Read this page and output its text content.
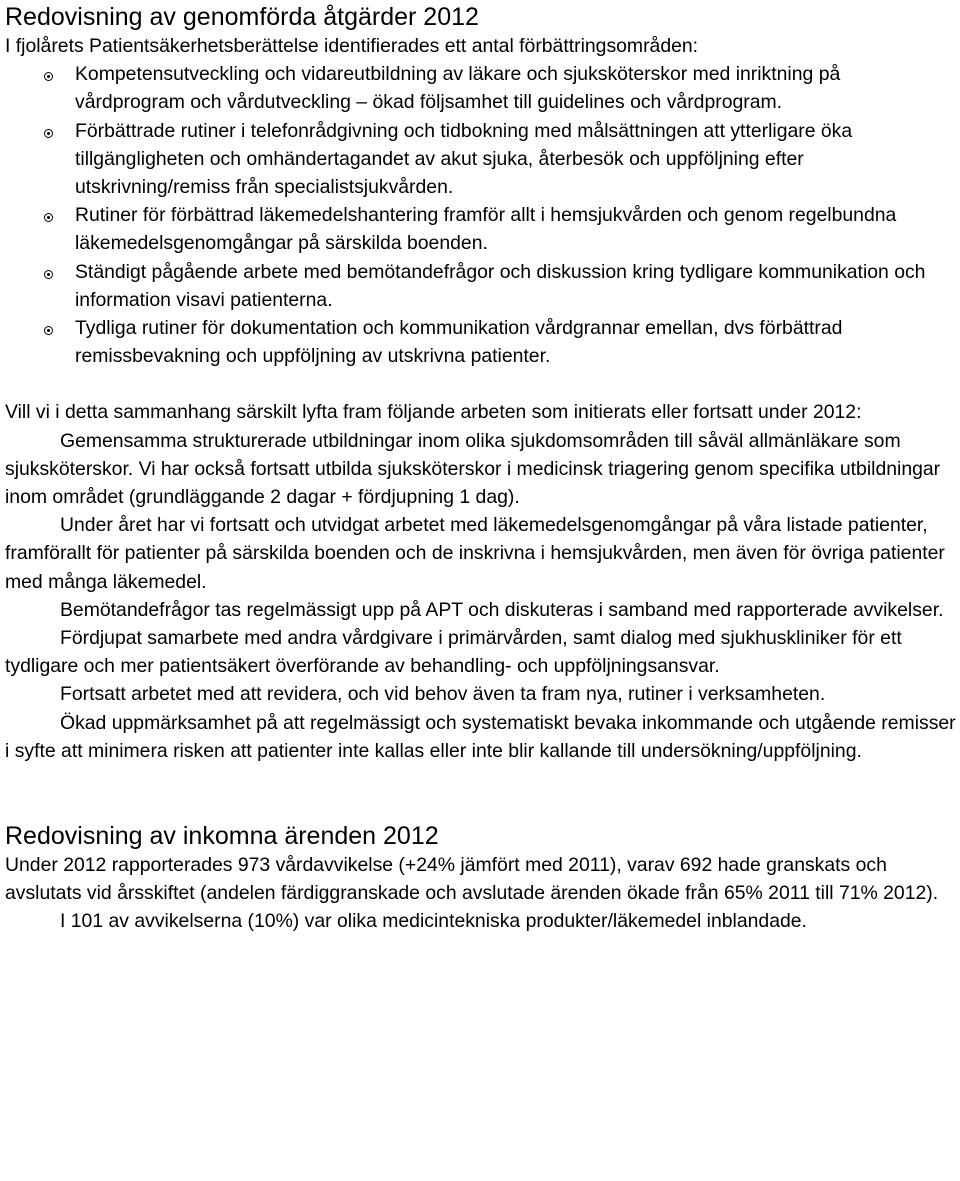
Redovisning av genomförda åtgärder 2012

I fjolårets Patientsäkerhetsberättelse identifierades ett antal förbättringsområden:

Kompetensutveckling och vidareutbildning av läkare och sjuksköterskor med inriktning på vårdprogram och vårdutveckling – ökad följsamhet till guidelines och vårdprogram.
Förbättrade rutiner i telefonrådgivning och tidbokning med målsättningen att ytterligare öka tillgängligheten och omhändertagandet av akut sjuka, återbesök och uppföljning efter utskrivning/remiss från specialistsjukvården.
Rutiner för förbättrad läkemedelshantering framför allt i hemsjukvården och genom regelbundna läkemedelsgenomgångar på särskilda boenden.
Ständigt pågående arbete med bemötandefrågor och diskussion kring tydligare kommunikation och information visavi patienterna.
Tydliga rutiner för dokumentation och kommunikation vårdgrannar emellan, dvs förbättrad remissbevakning och uppföljning av utskrivna patienter.

Vill vi i detta sammanhang särskilt lyfta fram följande arbeten som initierats eller fortsatt under 2012:

Gemensamma strukturerade utbildningar inom olika sjukdomsområden till såväl allmänläkare som sjuksköterskor. Vi har också fortsatt utbilda sjuksköterskor i medicinsk triagering genom specifika utbildningar inom området (grundläggande 2 dagar + fördjupning 1 dag).

Under året har vi fortsatt och utvidgat arbetet med läkemedelsgenomgångar på våra listade patienter, framförallt för patienter på särskilda boenden och de inskrivna i hemsjukvården, men även för övriga patienter med många läkemedel.

Bemötandefrågor tas regelmässigt upp på APT och diskuteras i samband med rapporterade avvikelser.

Fördjupat samarbete med andra vårdgivare i primärvården, samt dialog med sjukhuskliniker för ett tydligare och mer patientsäkert överförande av behandling- och uppföljningsansvar.

Fortsatt arbetet med att revidera, och vid behov även ta fram nya, rutiner i verksamheten.

Ökad uppmärksamhet på att regelmässigt och systematiskt bevaka inkommande och utgående remisser i syfte att minimera risken att patienter inte kallas eller inte blir kallande till undersökning/uppföljning.

Redovisning av inkomna ärenden 2012

Under 2012 rapporterades 973 vårdavvikelse (+24% jämfört med 2011), varav 692 hade granskats och avslutats vid årsskiftet (andelen färdiggranskade och avslutade ärenden ökade från 65% 2011 till 71% 2012).

I 101 av avvikelserna (10%) var olika medicintekniska produkter/läkemedel inblandade.
